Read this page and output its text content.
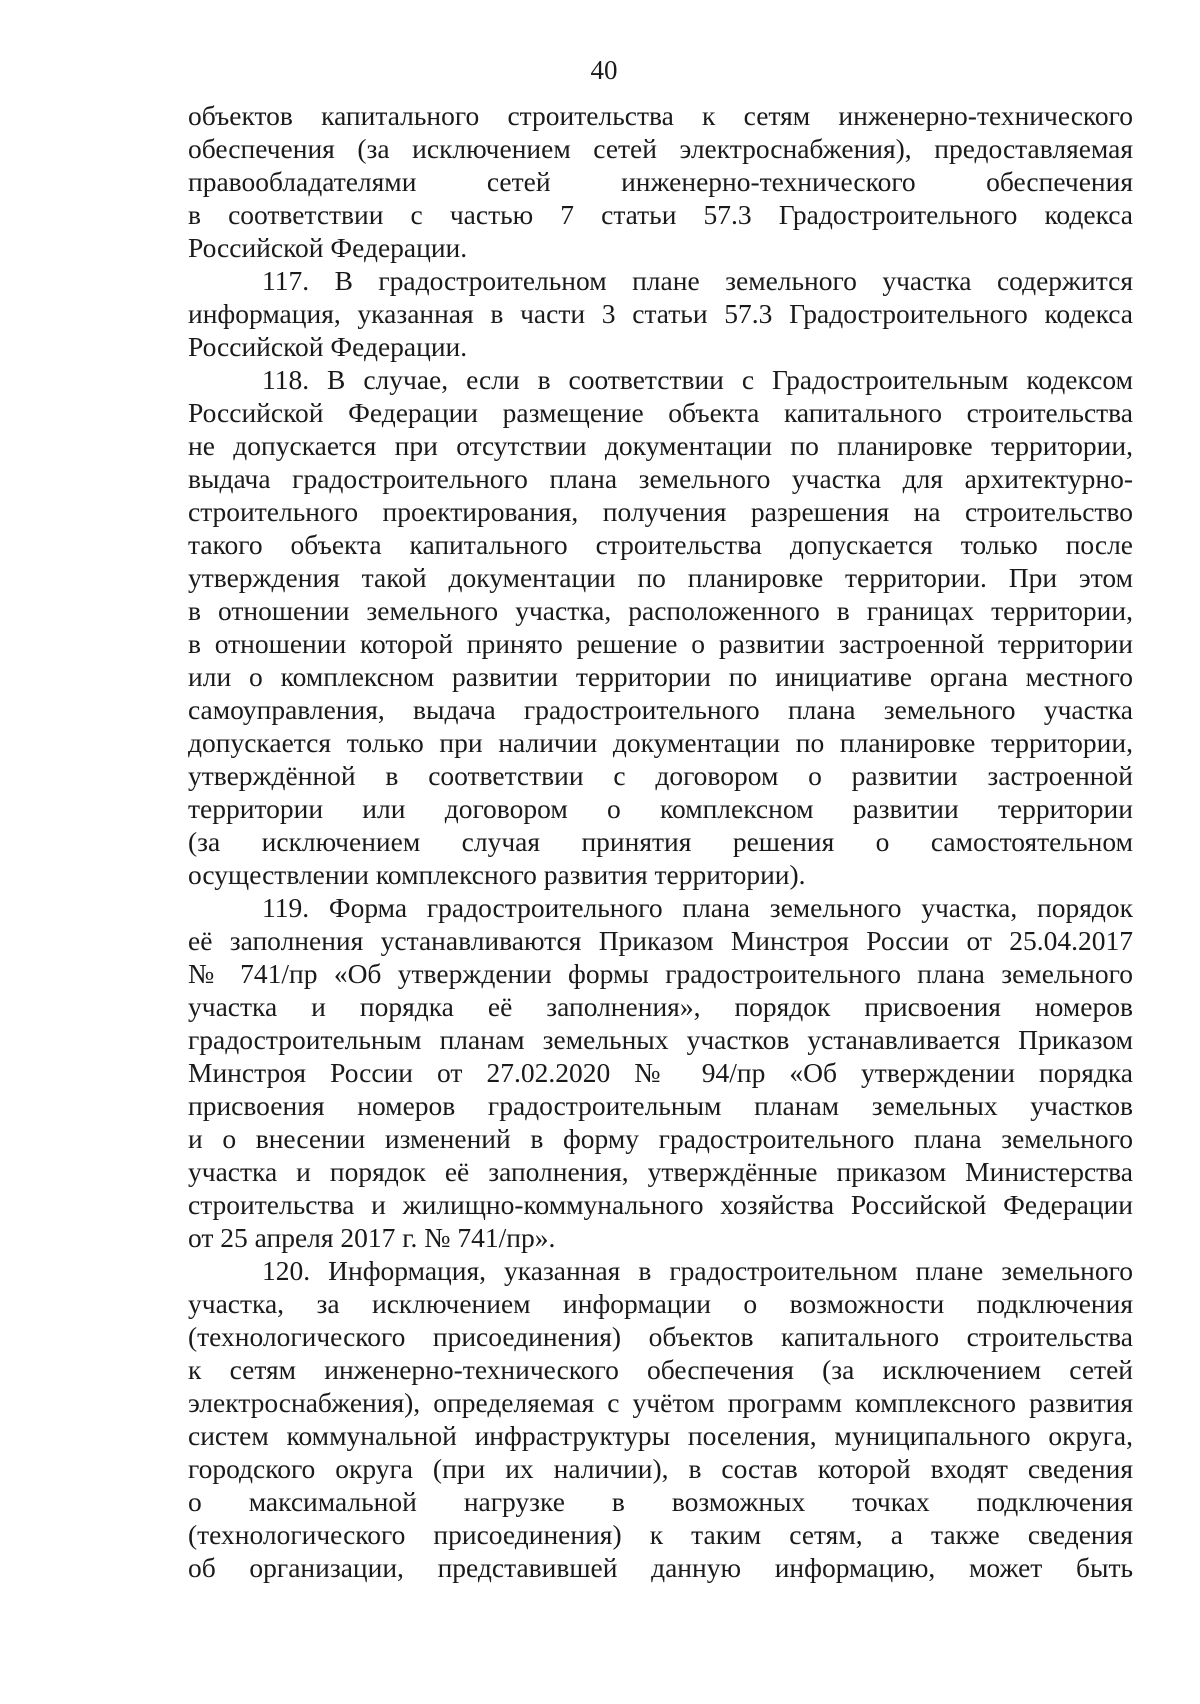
40
объектов капитального строительства к сетям инженерно-технического
обеспечения (за исключением сетей электроснабжения), предоставляемая
правообладателями сетей инженерно-технического обеспечения
в соответствии с частью 7 статьи 57.3 Градостроительного кодекса
Российской Федерации.
117. В градостроительном плане земельного участка содержится
информация, указанная в части 3 статьи 57.3 Градостроительного кодекса
Российской Федерации.
118. В случае, если в соответствии с Градостроительным кодексом
Российской Федерации размещение объекта капитального строительства
не допускается при отсутствии документации по планировке территории,
выдача градостроительного плана земельного участка для архитектурно-
строительного проектирования, получения разрешения на строительство
такого объекта капитального строительства допускается только после
утверждения такой документации по планировке территории. При этом
в отношении земельного участка, расположенного в границах территории,
в отношении которой принято решение о развитии застроенной территории
или о комплексном развитии территории по инициативе органа местного
самоуправления, выдача градостроительного плана земельного участка
допускается только при наличии документации по планировке территории,
утверждённой в соответствии с договором о развитии застроенной
территории или договором о комплексном развитии территории
(за исключением случая принятия решения о самостоятельном
осуществлении комплексного развития территории).
119. Форма градостроительного плана земельного участка, порядок
её заполнения устанавливаются Приказом Минстроя России от 25.04.2017
№ 741/пр «Об утверждении формы градостроительного плана земельного
участка и порядка её заполнения», порядок присвоения номеров
градостроительным планам земельных участков устанавливается Приказом
Минстроя России от 27.02.2020 № 94/пр «Об утверждении порядка
присвоения номеров градостроительным планам земельных участков
и о внесении изменений в форму градостроительного плана земельного
участка и порядок её заполнения, утверждённые приказом Министерства
строительства и жилищно-коммунального хозяйства Российской Федерации
от 25 апреля 2017 г. № 741/пр».
120. Информация, указанная в градостроительном плане земельного
участка, за исключением информации о возможности подключения
(технологического присоединения) объектов капитального строительства
к сетям инженерно-технического обеспечения (за исключением сетей
электроснабжения), определяемая с учётом программ комплексного развития
систем коммунальной инфраструктуры поселения, муниципального округа,
городского округа (при их наличии), в состав которой входят сведения
о максимальной нагрузке в возможных точках подключения
(технологического присоединения) к таким сетям, а также сведения
об организации, представившей данную информацию, может быть
